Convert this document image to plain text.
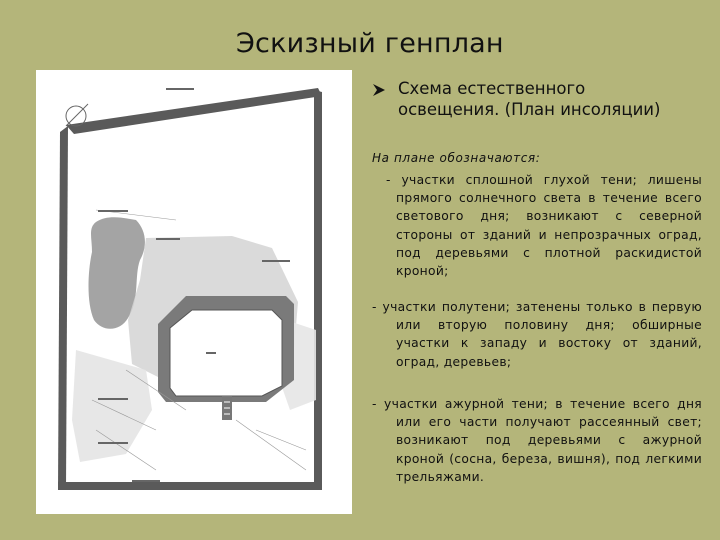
Эскизный генплан
Схема естественного освещения. (План инсоляции)
На плане обозначаются:
- участки сплошной глухой тени; лишены прямого солнечного света в течение всего светового дня; возникают с северной стороны от зданий и непрозрачных оград, под деревьями с плотной раскидистой кроной;
- участки полутени; затенены только в первую или вторую половину дня; обширные участки к западу и востоку от зданий, оград, деревьев;
- участки ажурной тени; в течение всего дня или его части получают рассеянный свет; возникают под деревьями с ажурной кроной (сосна, береза, вишня), под легкими трельяжами.
